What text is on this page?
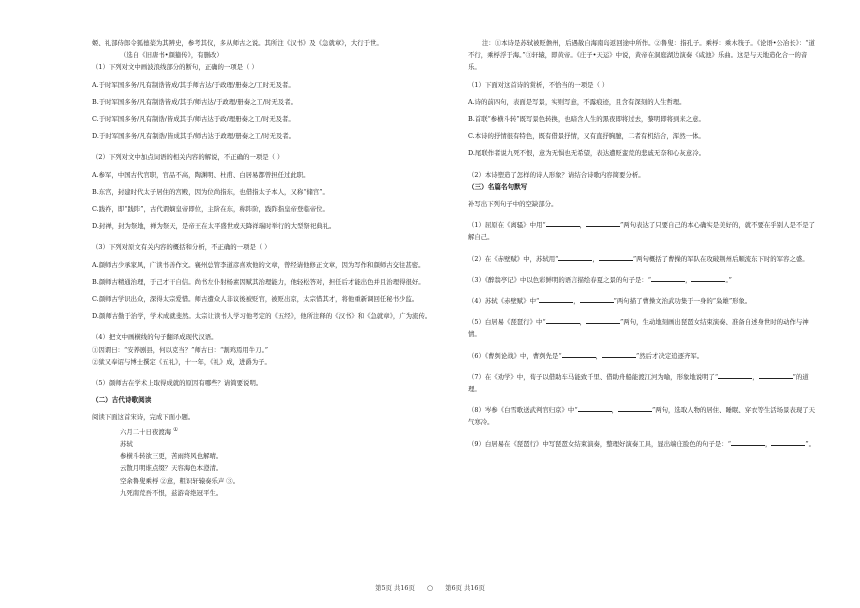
姬、礼部侍郎令狐德棻为其辨史，参考其仪，多从师古之说。其所注《汉书》及《急就章》，大行于世。

（选自《旧唐书•颜籀传》，有删改）

（1）下列对文中画波浪线部分的断句，正确的一项是（ ）

A.于时军国多务/凡有制诰皆成/其手师古达/于政理/册奏之/工时无及者。

B.于时军国多务/凡有制诰皆成/其手/师古达/于政理/册奏之工/时无及者。

C.于时军国多务/凡有制诰/皆成其手/师古达于政/理册奏之工/时无及者。

D.于时军国多务/凡有制诰/皆成其手/师古达于政理/册奏之工/时无及者。

（2）下列对文中加点词语的相关内容的解说，不正确的一项是（ ）

A.参军，中国古代官职，官品不高，陶渊明、杜甫、白居易都曾担任过此职。

B.东宫，封建时代太子居住的宫殿，因为位尚指东，也借指太子本人，又称“储宫”。

C.践祚，即“践阼”，古代谓嫡皇帝即位，主阶在东，称阼阶，践阼指皇帝登临帝位。

D.封禅，封为祭地，禅为祭天，是帝王在太平盛世或天降祥瑞时举行的大型祭祀典礼。

（3）下列对原文有关内容的概括和分析，不正确的一项是（ ）

A.颜师古少承家风，广读书善作文。襄州总管李道彦喜欢他的文章，曾经请他修正文章，因为写作和颜师古交往甚密。

B.颜师古精通治理，于己才干自信。尚书左仆射杨素因赋其治理能力，他轻松答对，担任后才能出色并且治理得很好。

C.颜师古学识出众，深得太宗爱惜。师古遭众人非议後被贬官，被贬出京，太宗惜其才，将他重新调回任秘书少监。

D.颜师古勤于治学，学术成就斐然。太宗让读书人学习他考定的《五经》，他所注释的《汉书》和《急就章》，广为流传。

（4）把文中画横线的句子翻译成现代汉语。

①因谓曰：“安养剧县，何以克当？”师古曰：“割鸡焉用牛刀。”

②狱又奉诏与博士撰定《五礼》，十一年，《礼》成，进爵为子。

（5）颜师古在学术上取得成就的原因有哪些？请简要说明。

（二）古代诗歌阅读

阅读下面这首宋诗，完成下面小题。

六月二十日夜渡海 ①

苏轼

参横斗转欲三更，苦雨终风也解晴。

云散月明谁点缀？天容海色本澄清。

空余鲁叟乘桴 ②意，粗识轩辕奏乐声 ③。

九死南荒吾不恨，兹游奇绝冠平生。

注：①本诗是苏轼被贬儋州，后遇赦自海南岛返回途中所作。②鲁叟：指孔子。乘桴：乘木筏子。《论语•公冶长》：“道不行，乘桴浮于海。”③轩辕，即黄帝。《庄子•天运》中说，黄帝在洞庭湖边演奏《咸池》乐曲。这是与天地造化合一的音乐。

（1）下面对这首诗的赏析，不恰当的一项是（ ）

A.诗的前四句，表面是写景，实则写意，不露痕迹，且含有深刻的人生哲理。

B.首联“参横斗转”既写景色转换，也暗含人生的黑夜即将过去，黎明即将到来之意。

C.本诗的抒情很有特色，既有借景抒情，又有直抒胸臆，二者有机结合，浑然一体。

D.尾联作者说九死不恨，意为无惧也无希望，表达遭贬蛮荒的悲戚无奈和心灰意冷。

（2）本诗塑造了怎样的诗人形象？请结合诗歌内容简要分析。

（三）名篇名句默写

补写出下列句子中的空缺部分。

（1）屈原在《离骚》中用“	，	”两句表达了只要自己的本心确实是美好的，就不要在乎别人是不是了解自己。

（2）在《赤壁赋》中，苏轼用“	，	”两句概括了曹操的军队在攻破荆州后顺流东下时的军容之盛。

（3）《醉翁亭记》中以色彩鲜明的语言描绘春夏之景的句子是：“	，	。”

（4）苏轼《赤壁赋》中“	，	”两句描了曹操文治武功集于一身的“枭雄”形象。

（5）白居易《琵琶行》中“	，	”两句，生动地刻画出琵琶女结束演奏、准备自述身世时的动作与神情。

（6）《曹刿论战》中，曹刿先是“	，	”然后才决定追逐齐军。

（7）在《劝学》中，荀子以借助车马能致千里、借助舟船能渡江河为喻，形象地说明了“	，	”的道理。

（8）岑参《白雪歌送武判官归京》中“	，	”两句，选取人物的居住、睡眠、穿衣等生活场景表现了天气寒冷。

（9）白居易在《琵琶行》中写琵琶女结束演奏，整理好演奏工具，显出端庄脸色的句子是：“	，	”。

第5页 共16页 ○ 第6页 共16页
